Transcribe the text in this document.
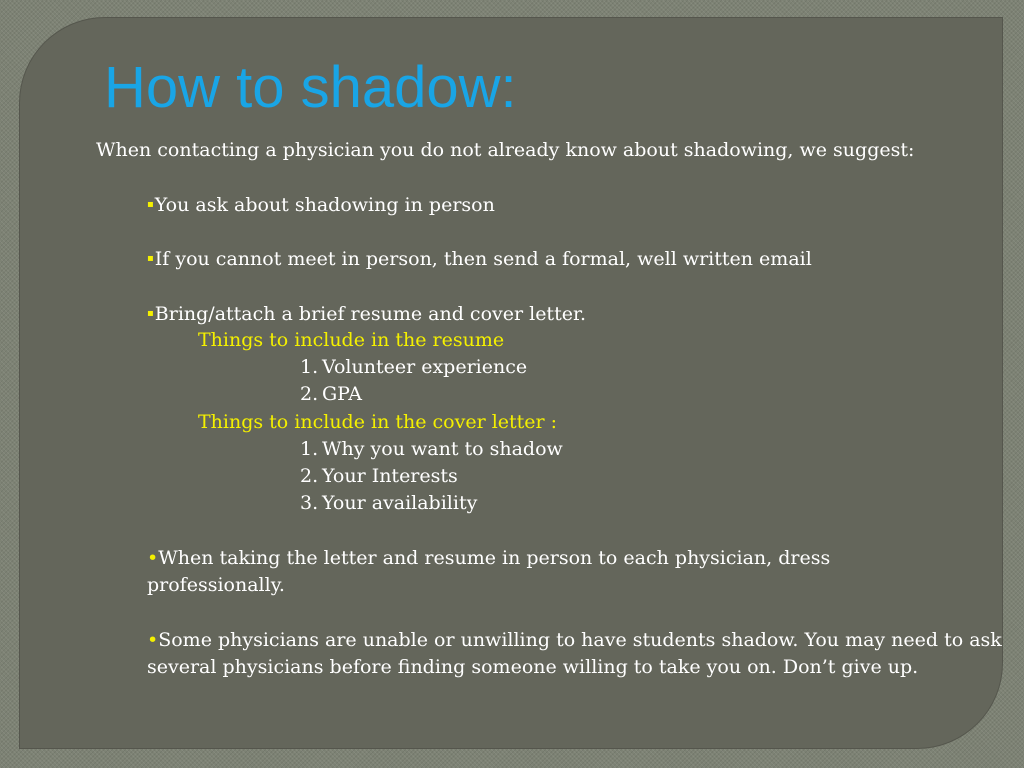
How to shadow:

When contacting a physician you do not already know about shadowing, we suggest:

▪You ask about shadowing in person

▪If you cannot meet in person, then send a formal, well written email

▪Bring/attach a brief resume and cover letter.

Things to include in the resume

1. Volunteer experience

2. GPA

Things to include in the cover letter :

1. Why you want to shadow

2. Your Interests

3. Your availability

•When taking the letter and resume in person to each physician, dress professionally.

•Some physicians are unable or unwilling to have students shadow. You may need to ask several physicians before finding someone willing to take you on. Don’t give up.
